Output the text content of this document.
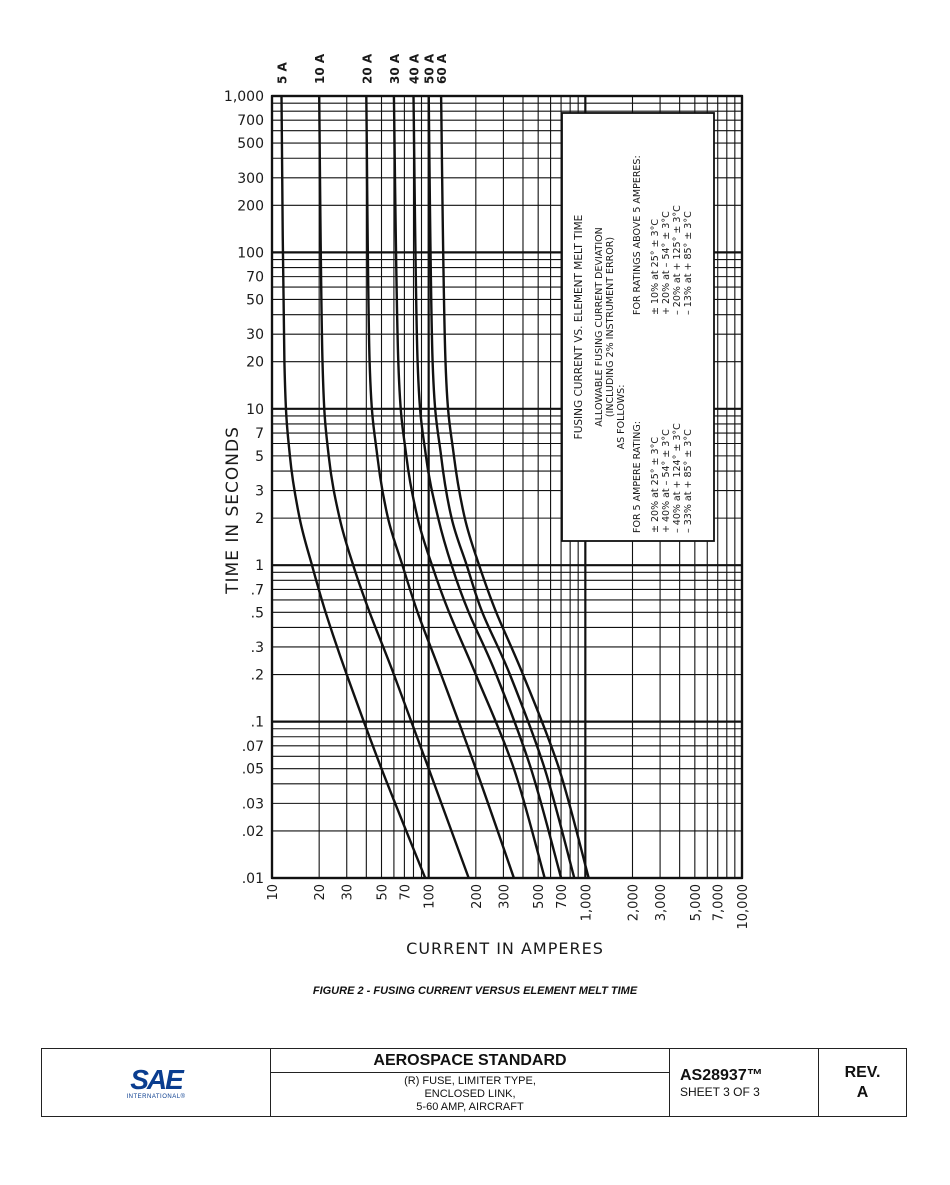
FUSING CURRENT VS. ELEMENT MELT TIME ALLOWABLE FUSING CURRENT DEVIATION (INCLUDING 2% INSTRUMENT ERROR) AS FOLLOWS:
FOR 5 AMPERE RATING:
FOR RATINGS ABOVE 5 AMPERES:
± 20% at 25° ± 3°C + 40% at – 54° ± 3°C – 40% at + 124° ± 3°C – 33% at + 85° ± 3°C
± 10% at 25° ± 3°C + 20% at – 54° ± 3°C – 20% at + 125° ± 3°C – 13% at + 85° ± 3°C
10 20 30 50 70 100 200 300 500 700 1,000 2,000 3,000 5,000 7,000 10,000
1,000
700
500
300
200
100
70
50
30
20
10
7
5
3
2
1
.7
.5
.3
.2
.1
.07
.05
.03
.02
.01
5 A 10 A	20 A 30 A 40 A 50 A
60 A
TIME IN SECONDS
CURRENT IN AMPERES
FIGURE 2 - FUSING CURRENT VERSUS ELEMENT MELT TIME
SAE
INTERNATIONAL®

AEROSPACE STANDARD
(R) FUSE, LIMITER TYPE,
ENCLOSED LINK,
5-60 AMP, AIRCRAFT

AS28937™
SHEET 3 OF 3

REV.
A
